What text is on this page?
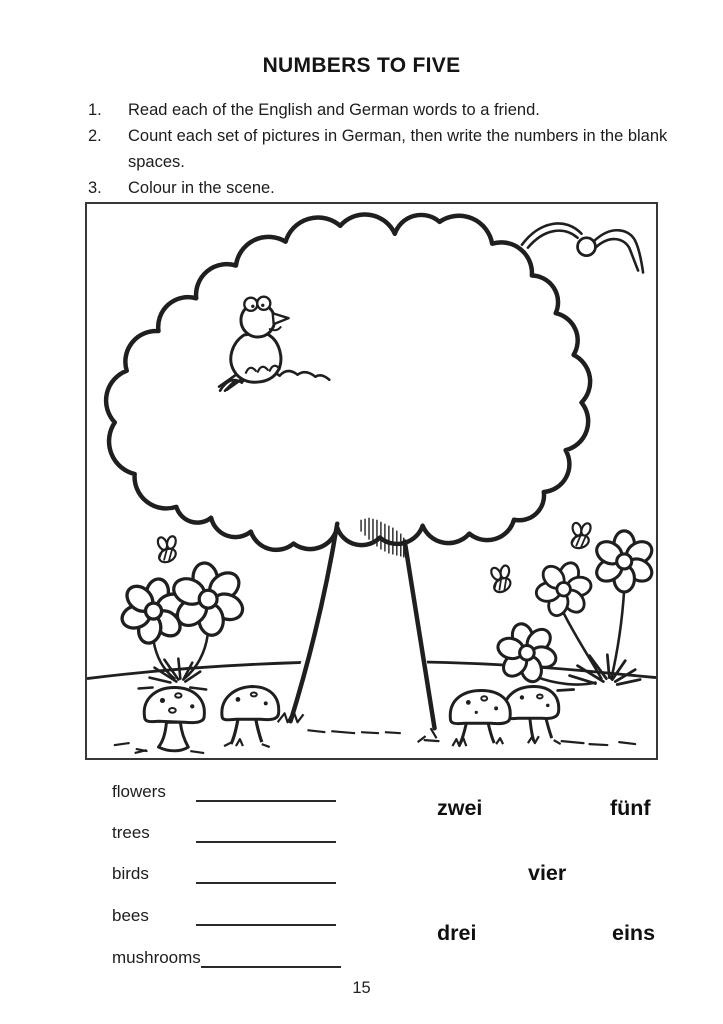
NUMBERS TO FIVE
1.	Read each of the English and German words to a friend.
2.	Count each set of pictures in German, then write the numbers in the blank spaces.
3.	Colour in the scene.
flowers
trees
birds
bees
mushrooms
zwei	fünf
vier
drei	eins
15
